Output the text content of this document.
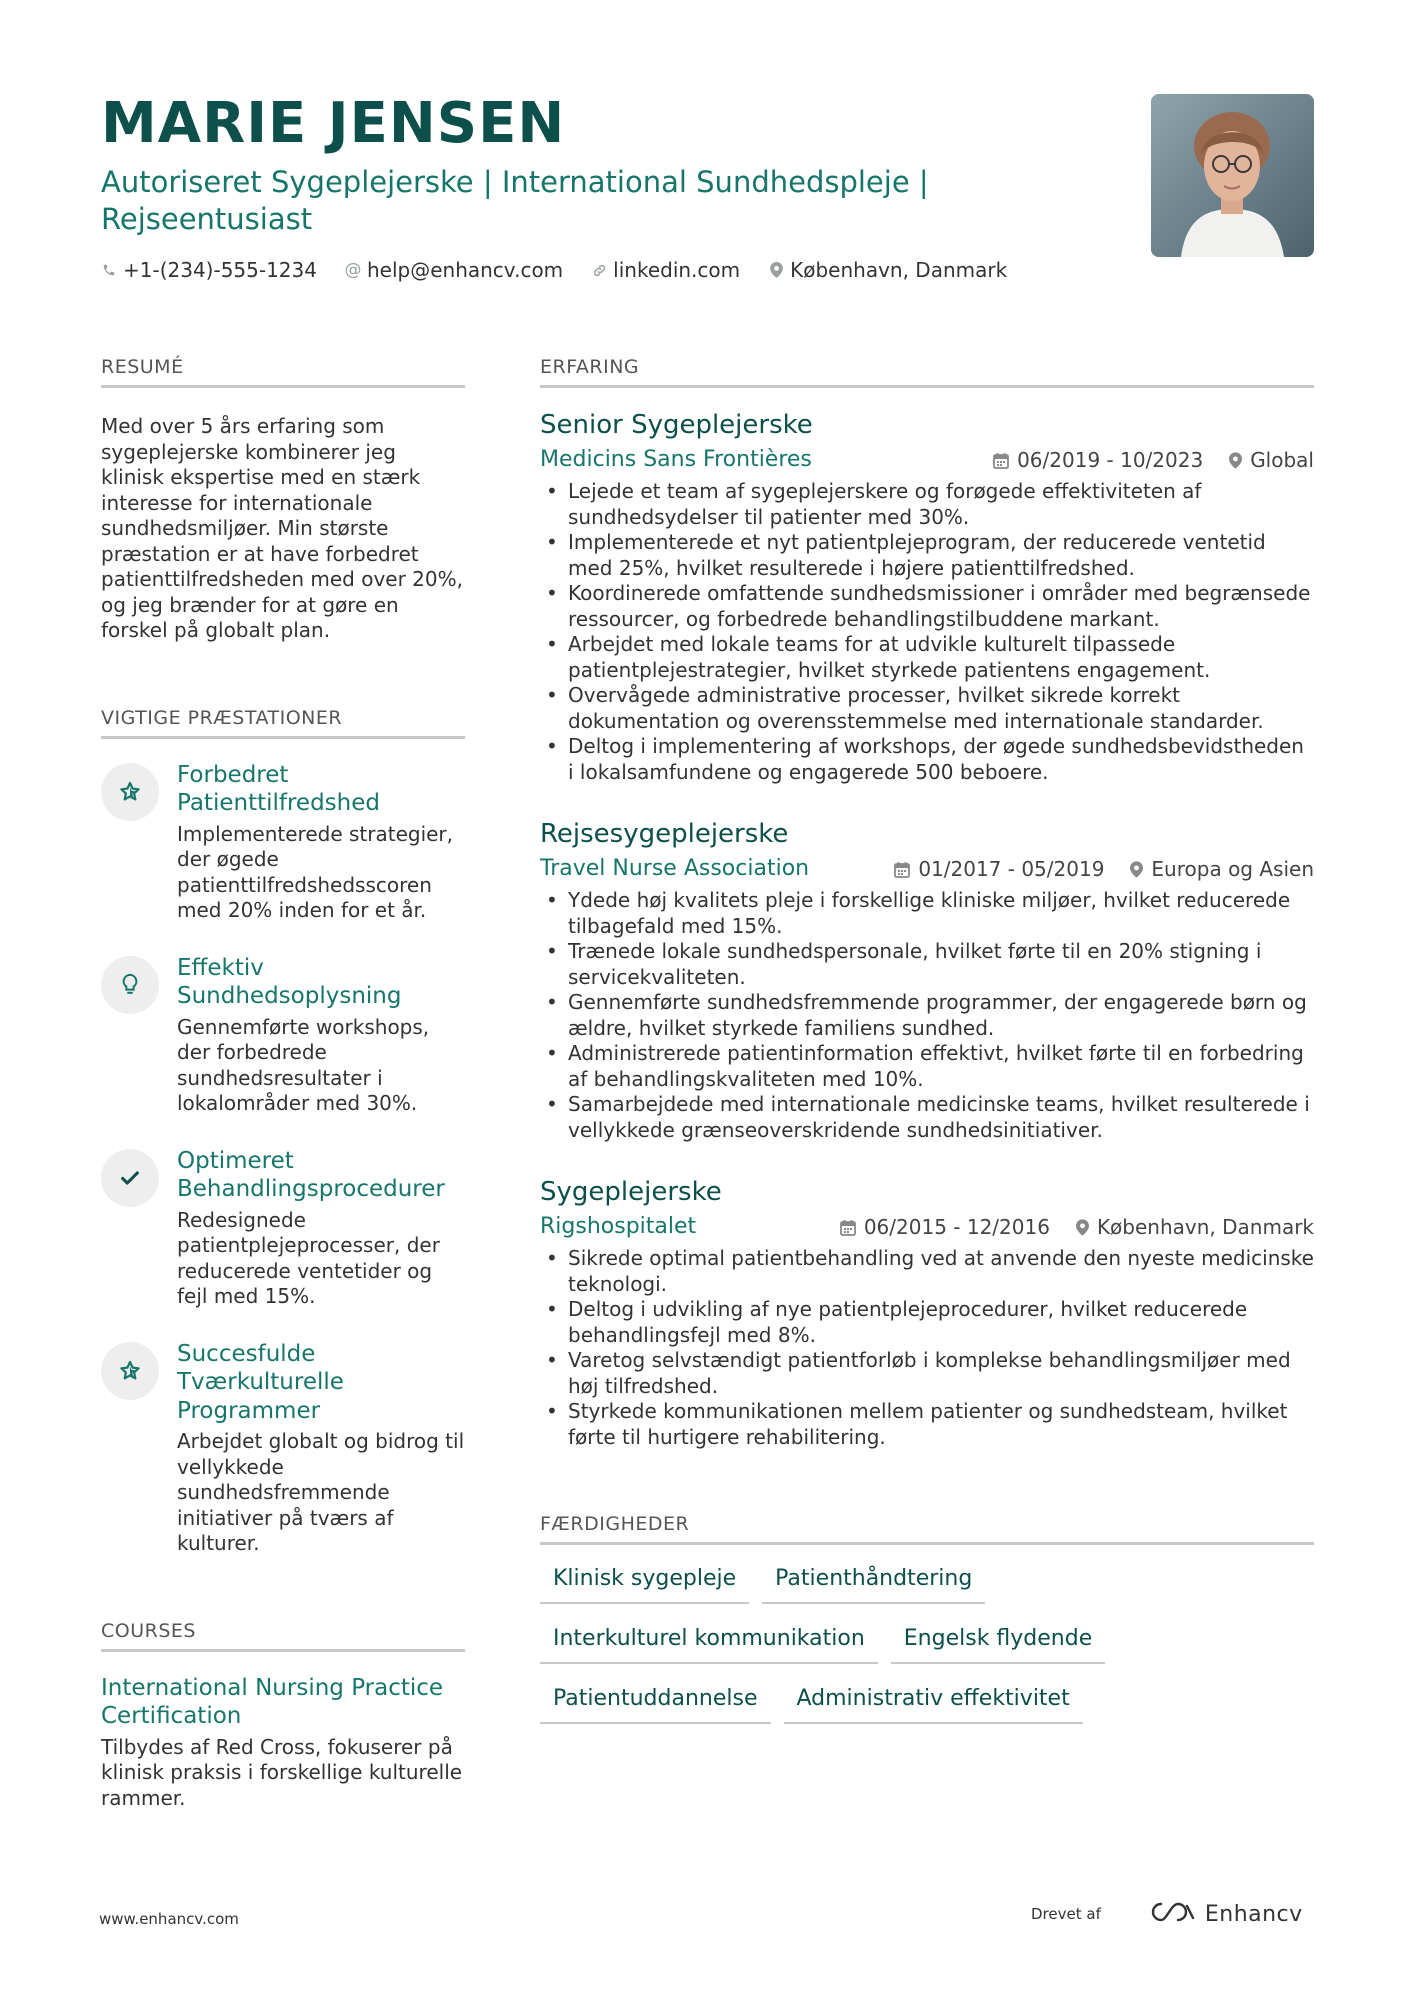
MARIE JENSEN
Autoriseret Sygeplejerske | International Sundhedspleje | Rejseentusiast
+1-(234)-555-1234 @ help@enhancv.com	linkedin.com	København, Danmark
RESUMÉ
Med over 5 års erfaring som sygeplejerske kombinerer jeg klinisk ekspertise med en stærk interesse for internationale sundhedsmiljøer. Min største præstation er at have forbedret patienttilfredsheden med over 20%, og jeg brænder for at gøre en forskel på globalt plan.
VIGTIGE PRÆSTATIONER
Forbedret Patienttilfredshed
Implementerede strategier, der øgede patienttilfredshedsscoren med 20% inden for et år.
Effektiv Sundhedsoplysning
Gennemførte workshops, der forbedrede sundhedsresultater i lokalområder med 30%.
Optimeret Behandlingsprocedurer
Redesignede patientplejeprocesser, der reducerede ventetider og fejl med 15%.
Succesfulde Tværkulturelle Programmer
Arbejdet globalt og bidrog til vellykkede sundhedsfremmende initiativer på tværs af kulturer.
COURSES
International Nursing Practice Certification
Tilbydes af Red Cross, fokuserer på klinisk praksis i forskellige kulturelle rammer.
ERFARING
Senior Sygeplejerske
Medicins Sans Frontières	06/2019 - 10/2023 Global
• Lejede et team af sygeplejerskere og forøgede effektiviteten af sundhedsydelser til patienter med 30%.
• Implementerede et nyt patientplejeprogram, der reducerede ventetid med 25%, hvilket resulterede i højere patienttilfredshed.
• Koordinerede omfattende sundhedsmissioner i områder med begrænsede ressourcer, og forbedrede behandlingstilbuddene markant.
• Arbejdet med lokale teams for at udvikle kulturelt tilpassede patientplejestrategier, hvilket styrkede patientens engagement.
• Overvågede administrative processer, hvilket sikrede korrekt dokumentation og overensstemmelse med internationale standarder.
• Deltog i implementering af workshops, der øgede sundhedsbevidstheden i lokalsamfundene og engagerede 500 beboere.
Rejsesygeplejerske
Travel Nurse Association	01/2017 - 05/2019 Europa og Asien
• Ydede høj kvalitets pleje i forskellige kliniske miljøer, hvilket reducerede tilbagefald med 15%.
• Trænede lokale sundhedspersonale, hvilket førte til en 20% stigning i servicekvaliteten.
• Gennemførte sundhedsfremmende programmer, der engagerede børn og ældre, hvilket styrkede familiens sundhed.
• Administrerede patientinformation effektivt, hvilket førte til en forbedring af behandlingskvaliteten med 10%.
• Samarbejdede med internationale medicinske teams, hvilket resulterede i vellykkede grænseoverskridende sundhedsinitiativer.
Sygeplejerske
Rigshospitalet	06/2015 - 12/2016 København, Danmark
• Sikrede optimal patientbehandling ved at anvende den nyeste medicinske teknologi.
• Deltog i udvikling af nye patientplejeprocedurer, hvilket reducerede behandlingsfejl med 8%.
• Varetog selvstændigt patientforløb i komplekse behandlingsmiljøer med høj tilfredshed.
• Styrkede kommunikationen mellem patienter og sundhedsteam, hvilket førte til hurtigere rehabilitering.
FÆRDIGHEDER
Klinisk sygepleje	Patienthåndtering
Interkulturel kommunikation	Engelsk flydende
Patientuddannelse	Administrativ effektivitet
www.enhancv.com	Drevet af	Enhancv
